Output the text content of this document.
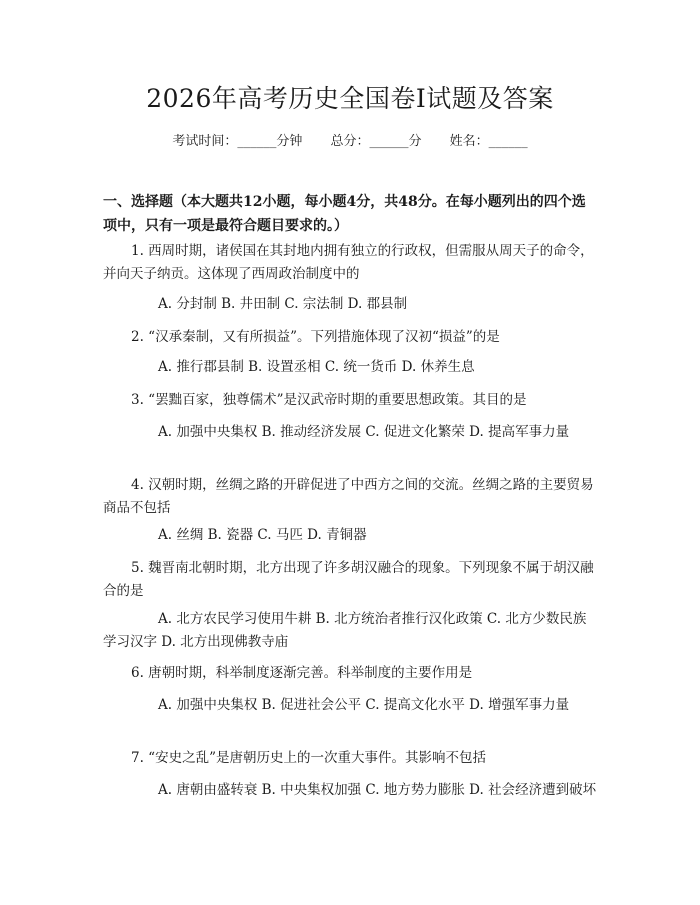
2026年高考历史全国卷Ⅰ试题及答案
考试时间：______分钟 总分：______分 姓名：______
一、选择题（本大题共12小题，每小题4分，共48分。在每小题列出的四个选项中，只有一项是最符合题目要求的。）
1. 西周时期，诸侯国在其封地内拥有独立的行政权，但需服从周天子的命令，并向天子纳贡。这体现了西周政治制度中的
A. 分封制 B. 井田制 C. 宗法制 D. 郡县制
2. “汉承秦制，又有所损益”。下列措施体现了汉初“损益”的是
A. 推行郡县制 B. 设置丞相 C. 统一货币 D. 休养生息
3. “罢黜百家，独尊儒术”是汉武帝时期的重要思想政策。其目的是
A. 加强中央集权 B. 推动经济发展 C. 促进文化繁荣 D. 提高军事力量
4. 汉朝时期，丝绸之路的开辟促进了中西方之间的交流。丝绸之路的主要贸易商品不包括
A. 丝绸 B. 瓷器 C. 马匹 D. 青铜器
5. 魏晋南北朝时期，北方出现了许多胡汉融合的现象。下列现象不属于胡汉融合的是
A. 北方农民学习使用牛耕 B. 北方统治者推行汉化政策 C. 北方少数民族学习汉字 D. 北方出现佛教寺庙
6. 唐朝时期，科举制度逐渐完善。科举制度的主要作用是
A. 加强中央集权 B. 促进社会公平 C. 提高文化水平 D. 增强军事力量
7. “安史之乱”是唐朝历史上的一次重大事件。其影响不包括
A. 唐朝由盛转衰 B. 中央集权加强 C. 地方势力膨胀 D. 社会经济遭到破坏
